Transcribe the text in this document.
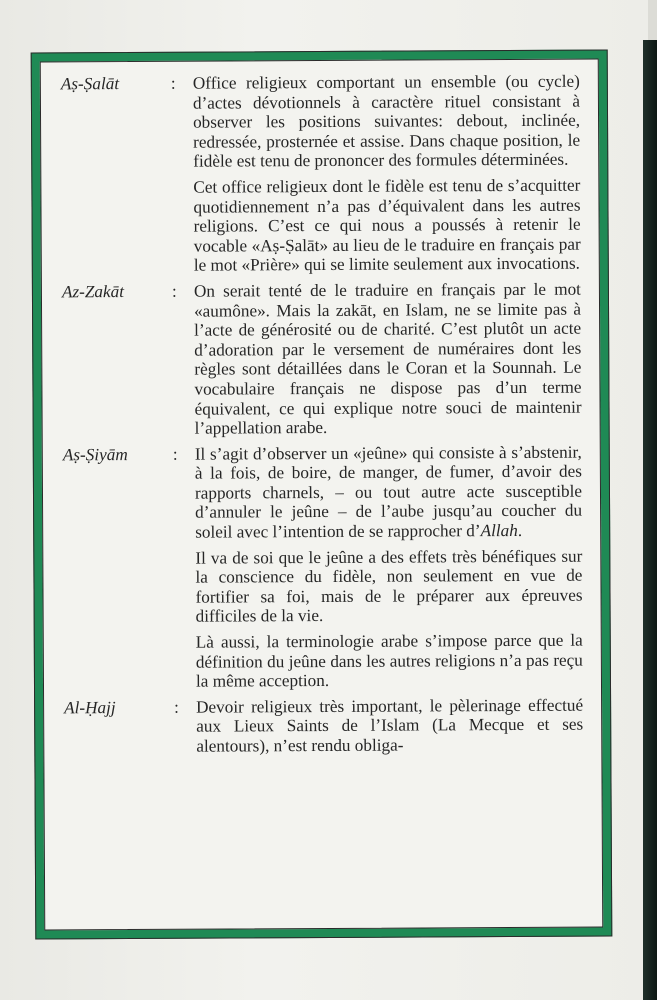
Aṣ-Ṣalāt	: Office religieux comportant un ensemble (ou cycle) d’actes dévotionnels à caractère rituel consistant à observer les positions suivantes: debout, inclinée, redressée, prosternée et assise. Dans chaque position, le fidèle est tenu de prononcer des formules déterminées.

Cet office religieux dont le fidèle est tenu de s’acquitter quotidiennement n’a pas d’équivalent dans les autres religions. C’est ce qui nous a poussés à retenir le vocable «Aṣ-Ṣalāt» au lieu de le traduire en français par le mot «Prière» qui se limite seulement aux invocations.

Az-Zakāt	: On serait tenté de le traduire en français par le mot «aumône». Mais la zakāt, en Islam, ne se limite pas à l’acte de générosité ou de charité. C’est plutôt un acte d’adoration par le versement de numéraires dont les règles sont détaillées dans le Coran et la Sounnah. Le vocabulaire français ne dispose pas d’un terme équivalent, ce qui explique notre souci de maintenir l’appellation arabe.

Aṣ-Ṣiyām	: Il s’agit d’observer un «jeûne» qui consiste à s’abstenir, à la fois, de boire, de manger, de fumer, d’avoir des rapports charnels, – ou tout autre acte susceptible d’annuler le jeûne – de l’aube jusqu’au coucher du soleil avec l’intention de se rapprocher d’Allah.

Il va de soi que le jeûne a des effets très bénéfiques sur la conscience du fidèle, non seulement en vue de fortifier sa foi, mais de le préparer aux épreuves difficiles de la vie.

Là aussi, la terminologie arabe s’impose parce que la définition du jeûne dans les autres religions n’a pas reçu la même acception.

Al-Ḥajj	: Devoir religieux très important, le pèlerinage effectué aux Lieux Saints de l’Islam (La Mecque et ses alentours), n’est rendu obliga-
